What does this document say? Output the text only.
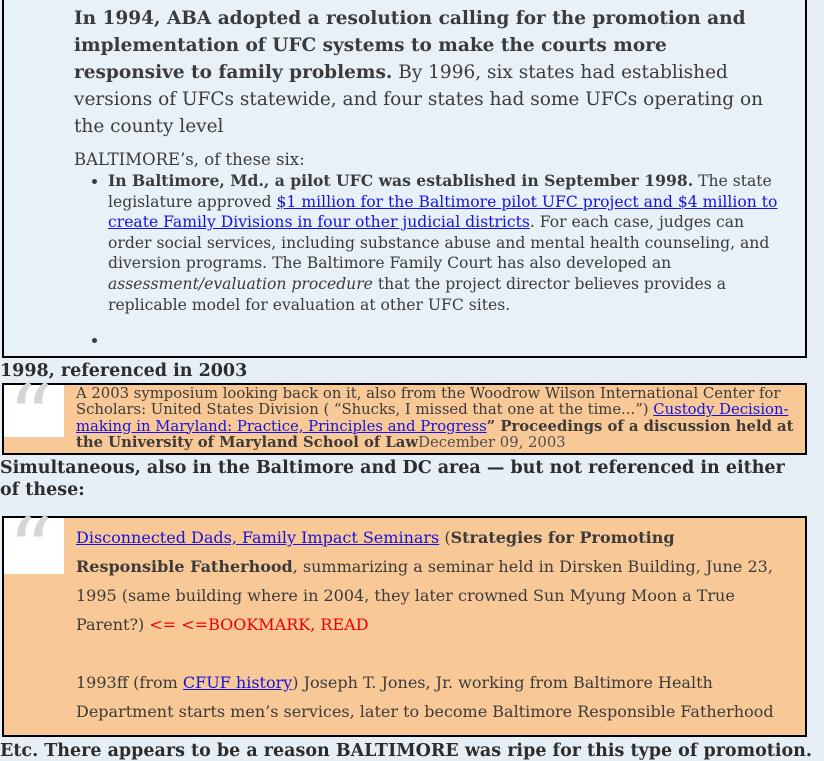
In 1994, ABA adopted a resolution calling for the promotion and implementation of UFC systems to make the courts more responsive to family problems. By 1996, six states had established versions of UFCs statewide, and four states had some UFCs operating on the county level

BALTIMORE’s, of these six:

• In Baltimore, Md., a pilot UFC was established in September 1998. The state legislature approved $1 million for the Baltimore pilot UFC project and $4 million to create Family Divisions in four other judicial districts. For each case, judges can order social services, including substance abuse and mental health counseling, and diversion programs. The Baltimore Family Court has also developed an assessment/evaluation procedure that the project director believes provides a replicable model for evaluation at other UFC sites.
•
1998, referenced in 2003
“ A 2003 symposium looking back on it, also from the Woodrow Wilson International Center for Scholars: United States Division ( “Shucks, I missed that one at the time...”) Custody Decision-making in Maryland: Practice, Principles and Progress” Proceedings of a discussion held at the University of Maryland School of LawDecember 09, 2003
Simultaneous, also in the Baltimore and DC area — but not referenced in either of these:
“ Disconnected Dads, Family Impact Seminars (Strategies for Promoting Responsible Fatherhood, summarizing a seminar held in Dirsken Building, June 23, 1995 (same building where in 2004, they later crowned Sun Myung Moon a True Parent?) <= <=BOOKMARK, READ

1993ff (from CFUF history) Joseph T. Jones, Jr. working from Baltimore Health Department starts men’s services, later to become Baltimore Responsible Fatherhood

Etc. There appears to be a reason BALTIMORE was ripe for this type of promotion.
